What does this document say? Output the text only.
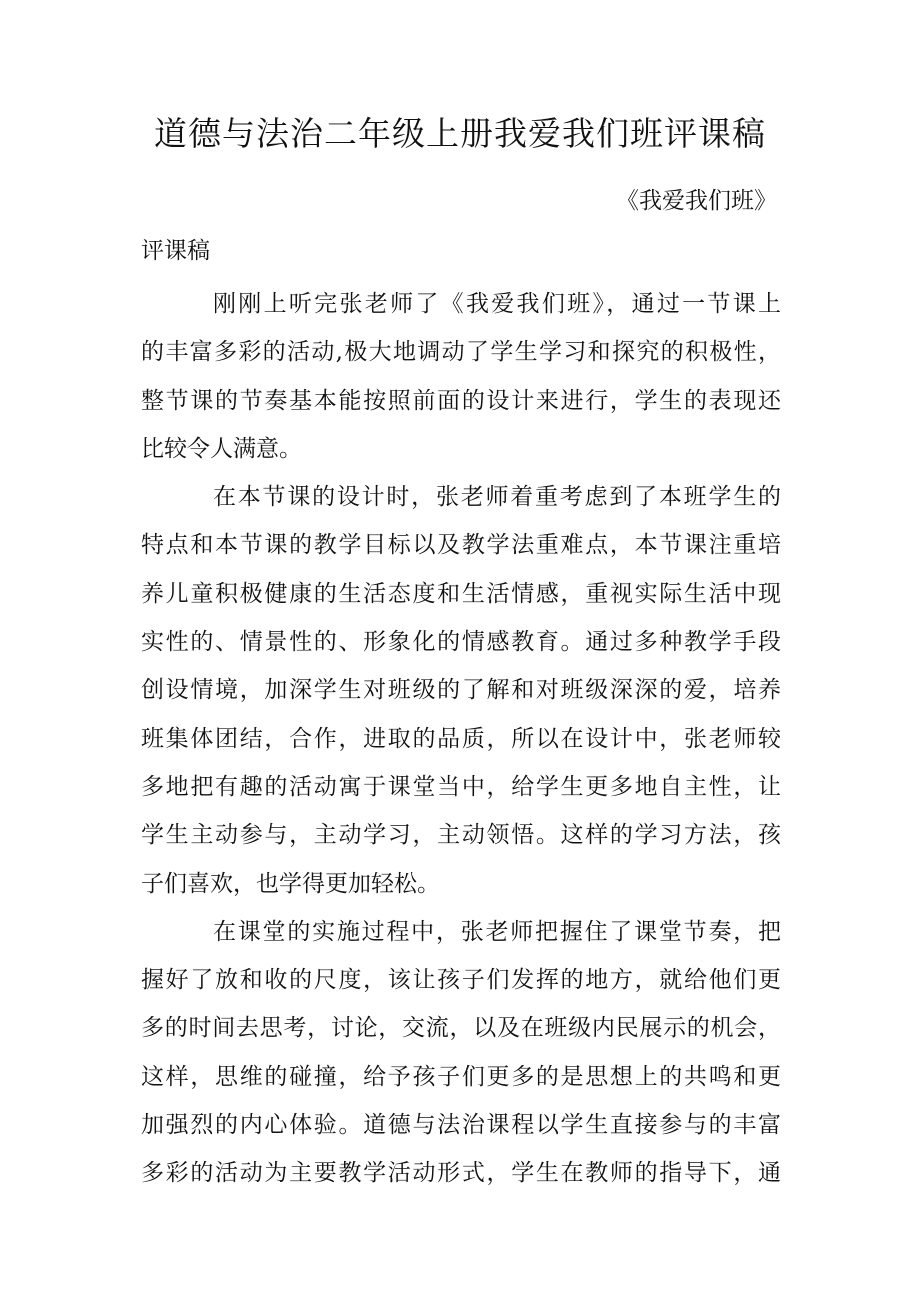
道德与法治二年级上册我爱我们班评课稿
《我爱我们班》
评课稿
刚刚上听完张老师了《我爱我们班》，通过一节课上
的丰富多彩的活动,极大地调动了学生学习和探究的积极性，
整节课的节奏基本能按照前面的设计来进行，学生的表现还
比较令人满意。
在本节课的设计时，张老师着重考虑到了本班学生的
特点和本节课的教学目标以及教学法重难点，本节课注重培
养儿童积极健康的生活态度和生活情感，重视实际生活中现
实性的、情景性的、形象化的情感教育。通过多种教学手段
创设情境，加深学生对班级的了解和对班级深深的爱，培养
班集体团结，合作，进取的品质，所以在设计中，张老师较
多地把有趣的活动寓于课堂当中，给学生更多地自主性，让
学生主动参与，主动学习，主动领悟。这样的学习方法，孩
子们喜欢，也学得更加轻松。
在课堂的实施过程中，张老师把握住了课堂节奏，把
握好了放和收的尺度，该让孩子们发挥的地方，就给他们更
多的时间去思考，讨论，交流，以及在班级内民展示的机会，
这样，思维的碰撞，给予孩子们更多的是思想上的共鸣和更
加强烈的内心体验。道德与法治课程以学生直接参与的丰富
多彩的活动为主要教学活动形式，学生在教师的指导下，通
